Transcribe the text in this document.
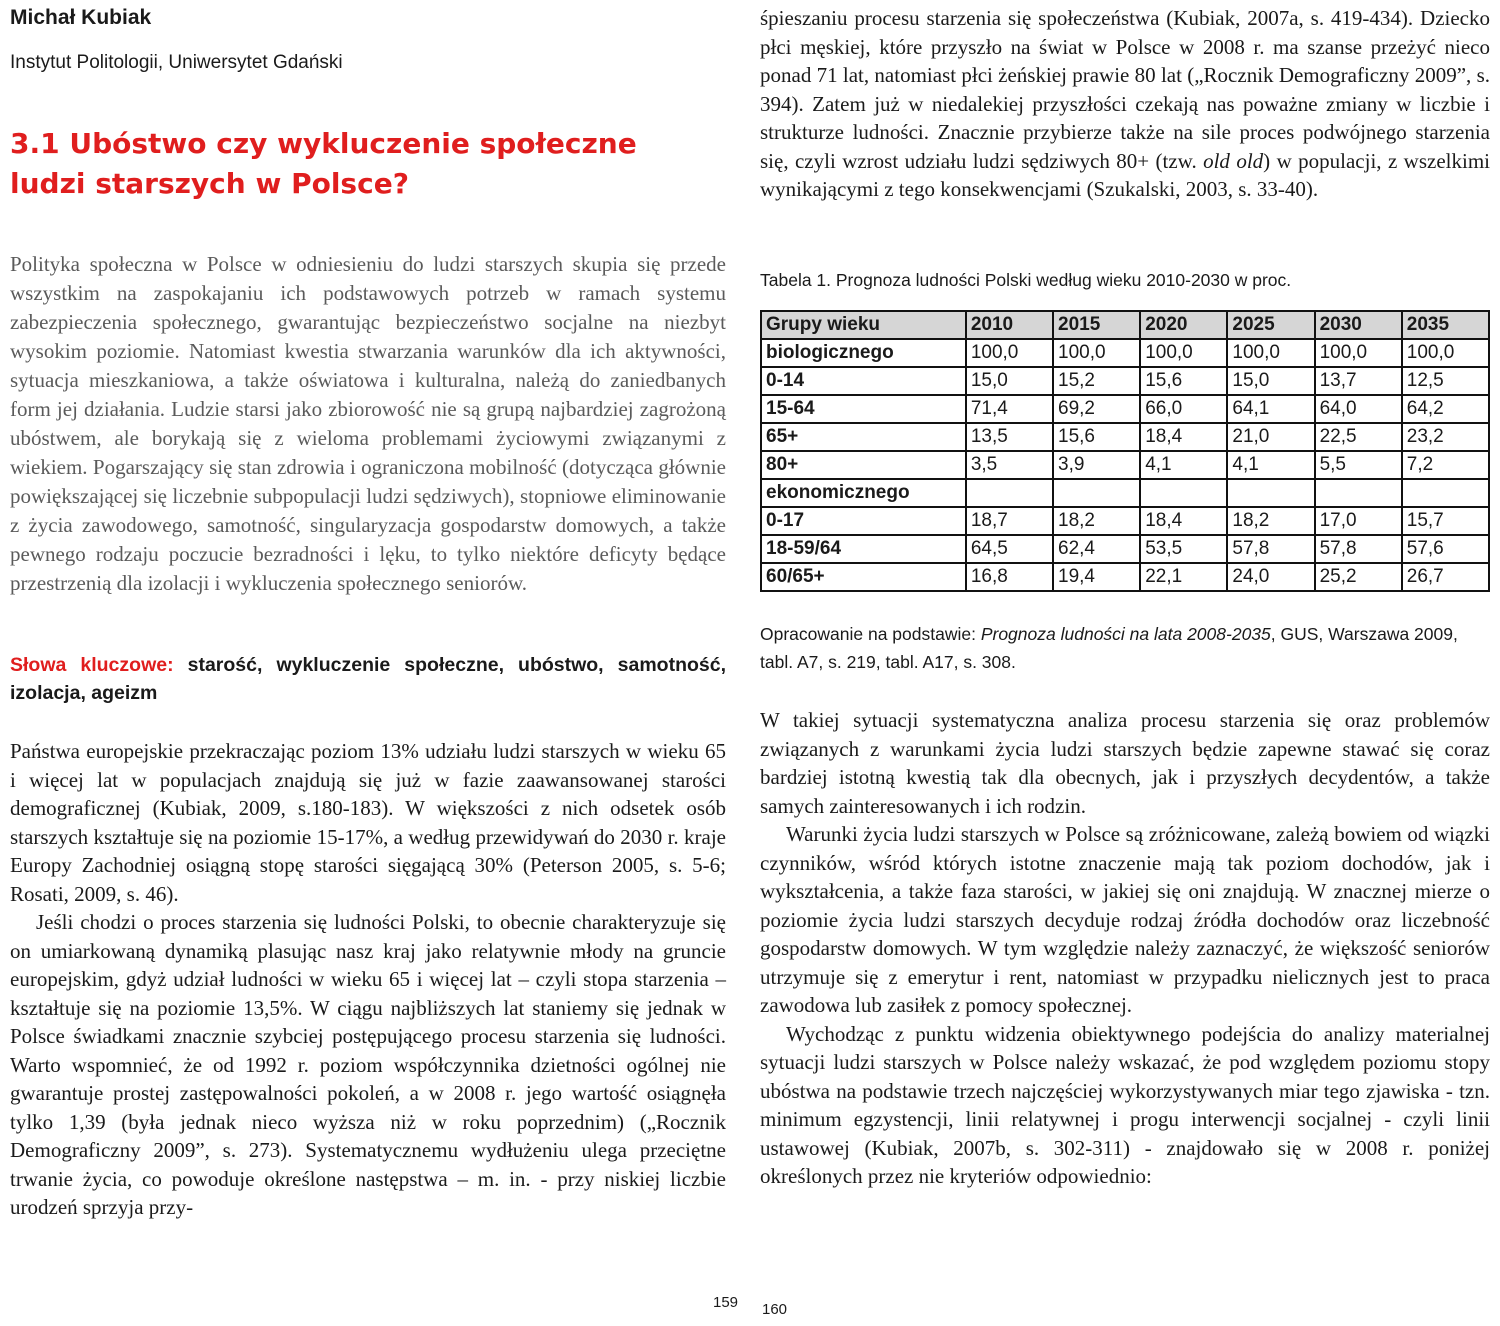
Michał Kubiak

Instytut Politologii, Uniwersytet Gdański

3.1 Ubóstwo czy wykluczenie społeczne ludzi starszych w Polsce?

Polityka społeczna w Polsce w odniesieniu do ludzi starszych skupia się przede wszystkim na zaspokajaniu ich podstawowych potrzeb w ramach systemu zabezpieczenia społecznego, gwarantując bezpieczeństwo socjalne na niezbyt wysokim poziomie. Natomiast kwestia stwarzania warunków dla ich aktywności, sytuacja mieszkaniowa, a także oświatowa i kulturalna, należą do zaniedbanych form jej działania. Ludzie starsi jako zbiorowość nie są grupą najbardziej zagrożoną ubóstwem, ale borykają się z wieloma problemami życiowymi związanymi z wiekiem. Pogarszający się stan zdrowia i ograniczona mobilność (dotycząca głównie powiększającej się liczebnie subpopulacji ludzi sędziwych), stopniowe eliminowanie z życia zawodowego, samotność, singularyzacja gospodarstw domowych, a także pewnego rodzaju poczucie bezradności i lęku, to tylko niektóre deficyty będące przestrzenią dla izolacji i wykluczenia społecznego seniorów.

Słowa kluczowe: starość, wykluczenie społeczne, ubóstwo, samotność, izolacja, ageizm

Państwa europejskie przekraczając poziom 13% udziału ludzi starszych w wieku 65 i więcej lat w populacjach znajdują się już w fazie zaawansowanej starości demograficznej (Kubiak, 2009, s.180-183). W większości z nich odsetek osób starszych kształtuje się na poziomie 15-17%, a według przewidywań do 2030 r. kraje Europy Zachodniej osiągną stopę starości sięgającą 30% (Peterson 2005, s. 5-6; Rosati, 2009, s. 46).

Jeśli chodzi o proces starzenia się ludności Polski, to obecnie charakteryzuje się on umiarkowaną dynamiką plasując nasz kraj jako relatywnie młody na gruncie europejskim, gdyż udział ludności w wieku 65 i więcej lat – czyli stopa starzenia – kształtuje się na poziomie 13,5%. W ciągu najbliższych lat staniemy się jednak w Polsce świadkami znacznie szybciej postępującego procesu starzenia się ludności. Warto wspomnieć, że od 1992 r. poziom współczynnika dzietności ogólnej nie gwarantuje prostej zastępowalności pokoleń, a w 2008 r. jego wartość osiągnęła tylko 1,39 (była jednak nieco wyższa niż w roku poprzednim) („Rocznik Demograficzny 2009”, s. 273). Systematycznemu wydłużeniu ulega przeciętne trwanie życia, co powoduje określone następstwa – m. in. - przy niskiej liczbie urodzeń sprzyja przy-

śpieszaniu procesu starzenia się społeczeństwa (Kubiak, 2007a, s. 419-434). Dziecko płci męskiej, które przyszło na świat w Polsce w 2008 r. ma szanse przeżyć nieco ponad 71 lat, natomiast płci żeńskiej prawie 80 lat („Rocznik Demograficzny 2009”, s. 394). Zatem już w niedalekiej przyszłości czekają nas poważne zmiany w liczbie i strukturze ludności. Znacznie przybierze także na sile proces podwójnego starzenia się, czyli wzrost udziału ludzi sędziwych 80+ (tzw. old old) w populacji, z wszelkimi wynikającymi z tego konsekwencjami (Szukalski, 2003, s. 33-40).

Tabela 1. Prognoza ludności Polski według wieku 2010-2030 w proc.

Grupy wieku	2010	2015	2020	2025	2030	2035
biologicznego	100,0	100,0	100,0	100,0	100,0	100,0
0-14	15,0	15,2	15,6	15,0	13,7	12,5
15-64	71,4	69,2	66,0	64,1	64,0	64,2
65+	13,5	15,6	18,4	21,0	22,5	23,2
80+	3,5	3,9	4,1	4,1	5,5	7,2
ekonomicznego						
0-17	18,7	18,2	18,4	18,2	17,0	15,7
18-59/64	64,5	62,4	53,5	57,8	57,8	57,6
60/65+	16,8	19,4	22,1	24,0	25,2	26,7

Opracowanie na podstawie: Prognoza ludności na lata 2008-2035, GUS, Warszawa 2009, tabl. A7, s. 219, tabl. A17, s. 308.

W takiej sytuacji systematyczna analiza procesu starzenia się oraz problemów związanych z warunkami życia ludzi starszych będzie zapewne stawać się coraz bardziej istotną kwestią tak dla obecnych, jak i przyszłych decydentów, a także samych zainteresowanych i ich rodzin.

Warunki życia ludzi starszych w Polsce są zróżnicowane, zależą bowiem od wiązki czynników, wśród których istotne znaczenie mają tak poziom dochodów, jak i wykształcenia, a także faza starości, w jakiej się oni znajdują. W znacznej mierze o poziomie życia ludzi starszych decyduje rodzaj źródła dochodów oraz liczebność gospodarstw domowych. W tym względzie należy zaznaczyć, że większość seniorów utrzymuje się z emerytur i rent, natomiast w przypadku nielicznych jest to praca zawodowa lub zasiłek z pomocy społecznej.

Wychodząc z punktu widzenia obiektywnego podejścia do analizy materialnej sytuacji ludzi starszych w Polsce należy wskazać, że pod względem poziomu stopy ubóstwa na podstawie trzech najczęściej wykorzystywanych miar tego zjawiska - tzn. minimum egzystencji, linii relatywnej i progu interwencji socjalnej - czyli linii ustawowej (Kubiak, 2007b, s. 302-311) - znajdowało się w 2008 r. poniżej określonych przez nie kryteriów odpowiednio:

159 160
